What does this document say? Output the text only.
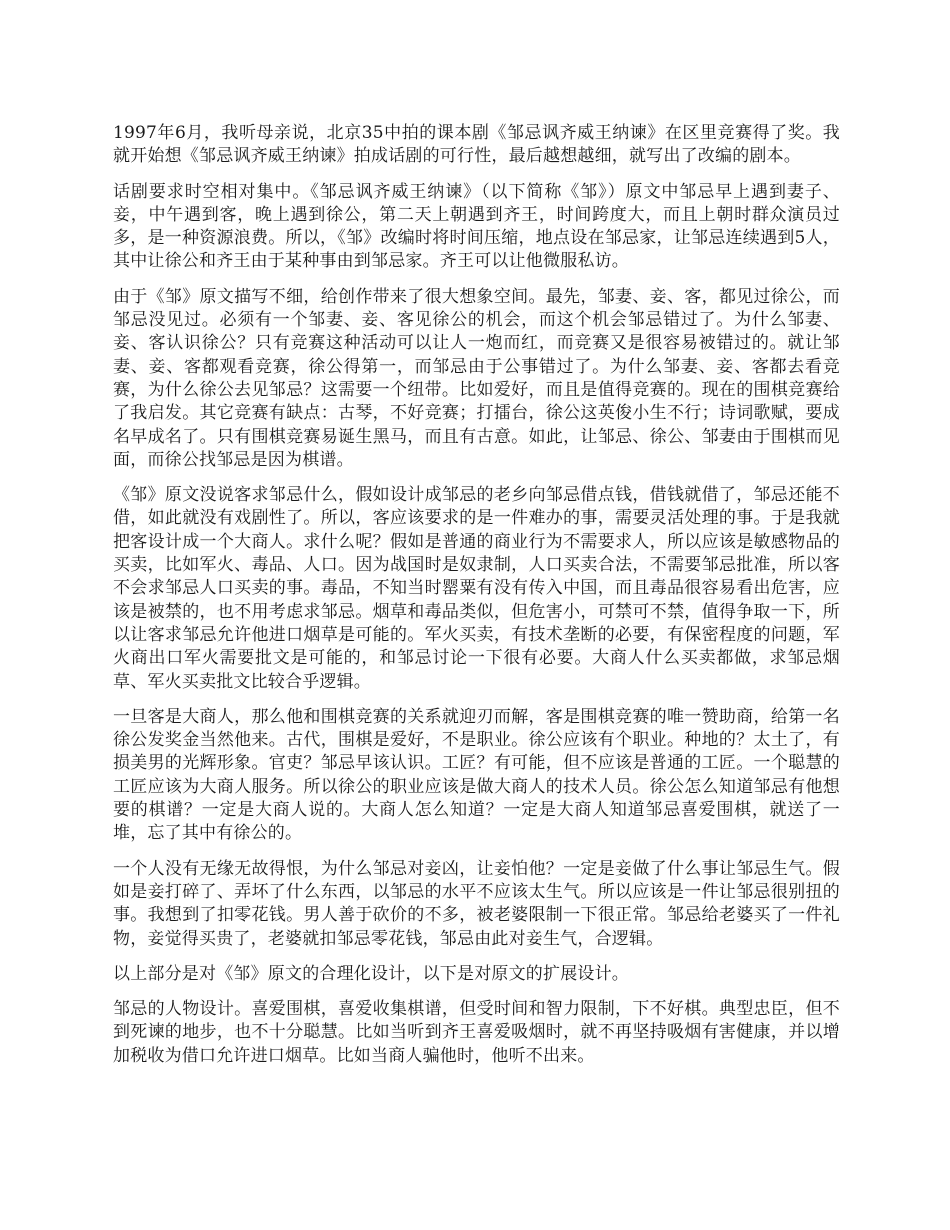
1997年6月，我听母亲说，北京35中拍的课本剧《邹忌讽齐威王纳谏》在区里竞赛得了奖。我就开始想《邹忌讽齐威王纳谏》拍成话剧的可行性，最后越想越细，就写出了改编的剧本。

话剧要求时空相对集中。《邹忌讽齐威王纳谏》（以下简称《邹》）原文中邹忌早上遇到妻子、妾，中午遇到客，晚上遇到徐公，第二天上朝遇到齐王，时间跨度大，而且上朝时群众演员过多，是一种资源浪费。所以，《邹》改编时将时间压缩，地点设在邹忌家，让邹忌连续遇到5人，其中让徐公和齐王由于某种事由到邹忌家。齐王可以让他微服私访。

由于《邹》原文描写不细，给创作带来了很大想象空间。最先，邹妻、妾、客，都见过徐公，而邹忌没见过。必须有一个邹妻、妾、客见徐公的机会，而这个机会邹忌错过了。为什么邹妻、妾、客认识徐公？只有竞赛这种活动可以让人一炮而红，而竞赛又是很容易被错过的。就让邹妻、妾、客都观看竞赛，徐公得第一，而邹忌由于公事错过了。为什么邹妻、妾、客都去看竞赛，为什么徐公去见邹忌？这需要一个纽带。比如爱好，而且是值得竞赛的。现在的围棋竞赛给了我启发。其它竞赛有缺点：古琴，不好竞赛；打擂台，徐公这英俊小生不行；诗词歌赋，要成名早成名了。只有围棋竞赛易诞生黑马，而且有古意。如此，让邹忌、徐公、邹妻由于围棋而见面，而徐公找邹忌是因为棋谱。

《邹》原文没说客求邹忌什么，假如设计成邹忌的老乡向邹忌借点钱，借钱就借了，邹忌还能不借，如此就没有戏剧性了。所以，客应该要求的是一件难办的事，需要灵活处理的事。于是我就把客设计成一个大商人。求什么呢？假如是普通的商业行为不需要求人，所以应该是敏感物品的买卖，比如军火、毒品、人口。因为战国时是奴隶制，人口买卖合法，不需要邹忌批准，所以客不会求邹忌人口买卖的事。毒品，不知当时罂粟有没有传入中国，而且毒品很容易看出危害，应该是被禁的，也不用考虑求邹忌。烟草和毒品类似，但危害小，可禁可不禁，值得争取一下，所以让客求邹忌允许他进口烟草是可能的。军火买卖，有技术垄断的必要，有保密程度的问题，军火商出口军火需要批文是可能的，和邹忌讨论一下很有必要。大商人什么买卖都做，求邹忌烟草、军火买卖批文比较合乎逻辑。

一旦客是大商人，那么他和围棋竞赛的关系就迎刃而解，客是围棋竞赛的唯一赞助商，给第一名徐公发奖金当然他来。古代，围棋是爱好，不是职业。徐公应该有个职业。种地的？太土了，有损美男的光辉形象。官吏？邹忌早该认识。工匠？有可能，但不应该是普通的工匠。一个聪慧的工匠应该为大商人服务。所以徐公的职业应该是做大商人的技术人员。徐公怎么知道邹忌有他想要的棋谱？一定是大商人说的。大商人怎么知道？一定是大商人知道邹忌喜爱围棋，就送了一堆，忘了其中有徐公的。

一个人没有无缘无故得恨，为什么邹忌对妾凶，让妾怕他？一定是妾做了什么事让邹忌生气。假如是妾打碎了、弄坏了什么东西，以邹忌的水平不应该太生气。所以应该是一件让邹忌很别扭的事。我想到了扣零花钱。男人善于砍价的不多，被老婆限制一下很正常。邹忌给老婆买了一件礼物，妾觉得买贵了，老婆就扣邹忌零花钱，邹忌由此对妾生气，合逻辑。

以上部分是对《邹》原文的合理化设计，以下是对原文的扩展设计。

邹忌的人物设计。喜爱围棋，喜爱收集棋谱，但受时间和智力限制，下不好棋。典型忠臣，但不到死谏的地步，也不十分聪慧。比如当听到齐王喜爱吸烟时，就不再坚持吸烟有害健康，并以增加税收为借口允许进口烟草。比如当商人骗他时，他听不出来。
